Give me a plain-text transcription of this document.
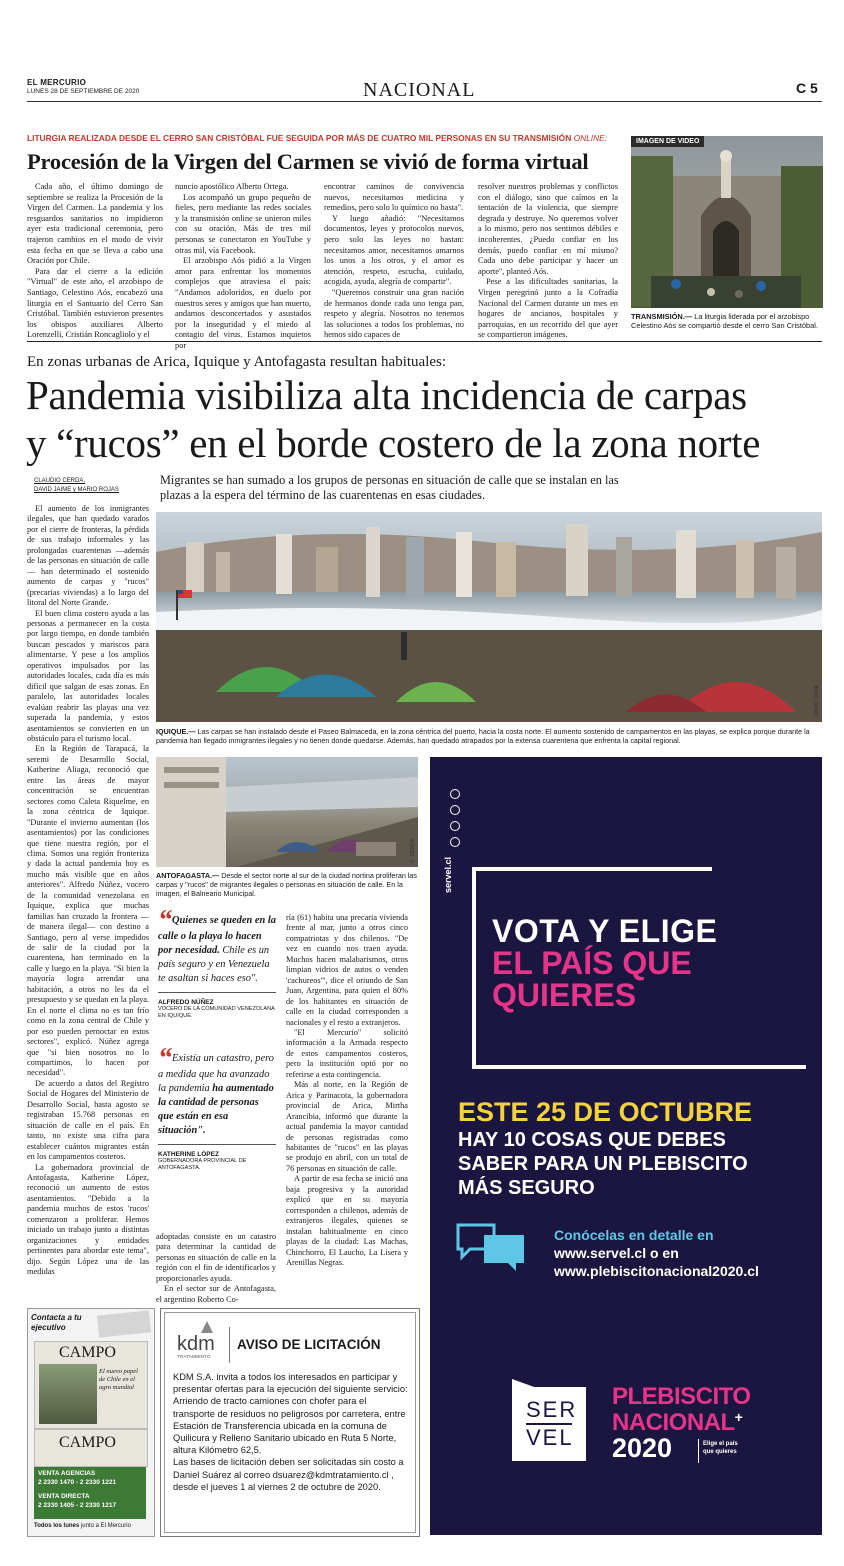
EL MERCURIO
LUNES 28 DE SEPTIEMBRE DE 2020	NACIONAL	C 5
LITURGIA REALIZADA DESDE EL CERRO SAN CRISTÓBAL FUE SEGUIDA POR MÁS DE CUATRO MIL PERSONAS EN SU TRANSMISIÓN ONLINE:
Procesión de la Virgen del Carmen se vivió de forma virtual

Cada año, el último domingo de septiembre se realiza la Procesión de la Virgen del Carmen. La pandemia y los resguardos sanitarios no impidieron ayer esta tradicional ceremonia, pero trajeron cambios en el modo de vivir esta fecha en que se lleva a cabo una Oración por Chile.

Para dar el cierre a la edición "Virtual" de este año, el arzobispo de Santiago, Celestino Aós, encabezó una liturgia en el Santuario del Cerro San Cristóbal. También estuvieron presentes los obispos auxiliares Alberto Lorenzelli, Cristián Roncagliolo y el

nuncio apostólico Alberto Ortega.

Los acompañó un grupo pequeño de fieles, pero mediante las redes sociales y la transmisión online se unieron miles con su oración. Más de tres mil personas se conectaron en YouTube y otras mil, vía Facebook.

El arzobispo Aós pidió a la Virgen amor para enfrentar los momentos complejos que atraviesa el país: "Andamos adoloridos, en duelo por nuestros seres y amigos que han muerto, andamos desconcertados y asustados por la inseguridad y el miedo al contagio del virus. Estamos inquietos por

encontrar caminos de convivencia nuevos, necesitamos medicina y remedios, pero solo lo químico no basta".

Y luego añadió: "Necesitamos documentos, leyes y protocolos nuevos, pero solo las leyes no bastan: necesitamos amor, necesitamos amarnos los unos a los otros, y el amor es atención, respeto, escucha, cuidado, acogida, ayuda, alegría de compartir".

"Queremos construir una gran nación de hermanos donde cada uno tenga pan, respeto y alegría. Nosotros no tenemos las soluciones a todos los problemas, no hemos sido capaces de

resolver nuestros problemas y conflictos con el diálogo, sino que caímos en la tentación de la violencia, que siempre degrada y destruye. No queremos volver a lo mismo, pero nos sentimos débiles e incoherentes. ¿Puedo confiar en los demás, puedo confiar en mí mismo? Cada uno debe participar y hacer un aporte", planteó Aós.

Pese a las dificultades sanitarias, la Virgen peregrinó junto a la Cofradía Nacional del Carmen durante un mes en hogares de ancianos, hospitales y parroquias, en un recorrido del que ayer se compartieron imágenes.

IMAGEN DE VIDEO
TRANSMISIÓN.— La liturgia liderada por el arzobispo Celestino Aós se compartió desde el cerro San Cristóbal.
En zonas urbanas de Arica, Iquique y Antofagasta resultan habituales:
Pandemia visibiliza alta incidencia de carpas
y “rucos” en el borde costero de la zona norte
CLAUDIO CERDA,
DAVID JAIME y MARIO ROJAS
Migrantes se han sumado a los grupos de personas en situación de calle que se instalan en las plazas a la espera del término de las cuarentenas en esas ciudades.

El aumento de los inmigrantes ilegales, que han quedado varados por el cierre de fronteras, la pérdida de sus trabajo informales y las prolongadas cuarentenas —además de las personas en situación de calle— han determinado el sostenido aumento de carpas y "rucos" (precarias viviendas) a lo largo del litoral del Norte Grande.

El buen clima costero ayuda a las personas a permanecer en la costa por largo tiempo, en donde también buscan pescados y mariscos para alimentarse. Y pese a los amplios operativos impulsados por las autoridades locales, cada día es más difícil que salgan de esas zonas. En paralelo, las autoridades locales evalúan reabrir las playas una vez superada la pandemia, y estos asentamientos se convierten en un obstáculo para el turismo local.

En la Región de Tarapacá, la seremi de Desarrollo Social, Katherine Aliaga, reconoció que entre las áreas de mayor concentración se encuentran sectores como Caleta Riquelme, en la zona céntrica de Iquique. "Durante el invierno aumentan (los asentamientos) por las condiciones que tiene nuestra región, por el clima. Somos una región fronteriza y dada la actual pandemia hoy es mucho más visible que en años anteriores". Alfredo Núñez, vocero de la comunidad venezolana en Iquique, explica que muchas familias han cruzado la frontera —de manera ilegal— con destino a Santiago, pero al verse impedidos de salir de la ciudad por la cuarentena, han terminado en la calle y luego en la playa. "Si bien la mayoría logra arrendar una habitación, a otros no les da el presupuesto y se quedan en la playa. En el norte el clima no es tan frío como en la zona central de Chile y por eso pueden pernoctar en estos sectores", explicó. Núñez agrega que "si bien nosotros no lo compartimos, lo hacen por necesidad".

De acuerdo a datos del Registro Social de Hogares del Ministerio de Desarrollo Social, hasta agosto se registraban 15.768 personas en situación de calle en el país. En tanto, no existe una cifra para establecer cuántos migrantes están en los campamentos costeros.

La gobernadora provincial de Antofagasta, Katherine López, reconoció un aumento de estos asentamientos. "Debido a la pandemia muchos de estos 'rucos' comenzaron a proliferar. Hemos iniciado un trabajo junto a distintas organizaciones y entidades pertinentes para abordar este tema", dijo. Según López una de las medidas

DAVID JAIME
IQUIQUE.— Las carpas se han instalado desde el Paseo Balmaceda, en la zona céntrica del puerto, hacia la costa norte. El aumento sostenido de campamentos en las playas, se explica porque durante la pandemia han llegado inmigrantes ilegales y no tienen donde quedarse. Además, han quedado atrapados por la extensa cuarentena que enfrenta la capital regional.
C. CERDA
ANTOFAGASTA.— Desde el sector norte al sur de la ciudad nortina proliferan las carpas y "rucos" de migrantes ilegales o personas en situación de calle. En la imagen, el Balneario Municipal.
“Quienes se queden en la calle o la playa lo hacen por necesidad. Chile es un país seguro y en Venezuela te asaltan si haces eso".
ALFREDO NÚÑEZ
VOCERO DE LA COMUNIDAD VENEZOLANA EN IQUIQUE.
“Existía un catastro, pero a medida que ha avanzado la pandemia ha aumentado la cantidad de personas que están en esa situación".
KATHERINE LÓPEZ
GOBERNADORA PROVINCIAL DE ANTOFAGASTA.

adoptadas consiste en un catastro para determinar la cantidad de personas en situación de calle en la región con el fin de identificarlos y proporcionarles ayuda.

En el sector sur de Antofagasta, el argentino Roberto Co-

ría (61) habita una precaria vivienda frente al mar, junto a otros cinco compatriotas y dos chilenos. "De vez en cuando nos traen ayuda. Muchos hacen malabarismos, otros limpian vidrios de autos o venden 'cachureos'", dice el oriundo de San Juan, Argentina, para quien el 80% de los habitantes en situación de calle en la ciudad corresponden a nacionales y el resto a extranjeros.

"El Mercurio" solicitó información a la Armada respecto de estos campamentos costeros, pero la institución optó por no referirse a esta contingencia.

Más al norte, en la Región de Arica y Parinacota, la gobernadora provincial de Arica, Mirtha Arancibia, informó que durante la actual pandemia la mayor cantidad de personas registradas como habitantes de "rucos" en las playas se produjo en abril, con un total de 76 personas en situación de calle.

A partir de esa fecha se inició una baja progresiva y la autoridad explicó que en su mayoría corresponden a chilenos, además de extranjeros ilegales, quienes se instalan habitualmente en cinco playas de la ciudad: Las Machas, Chinchorro, El Laucho, La Lisera y Arenillas Negras.

servel.cl
VOTA Y ELIGE
EL PAÍS QUE
QUIERES
ESTE 25 DE OCTUBRE
HAY 10 COSAS QUE DEBES
SABER PARA UN PLEBISCITO
MÁS SEGURO
Conócelas en detalle en
www.servel.cl o en
www.plebiscitonacional2020.cl
SER
VEL
PLEBISCITO
NACIONAL+
2020	Elige el país que quieres
Contacta a tu ejecutivo
CAMPO
El nuevo papel de Chile en el agro mundial
CAMPO
VENTA AGENCIAS
2 2330 1470 - 2 2330 1221
VENTA DIRECTA
2 2330 1405 - 2 2330 1217
Todos los lunes junto a El Mercurio
kdm
TRATAMIENTO
AVISO DE LICITACIÓN
KDM S.A. invita a todos los interesados en participar y presentar ofertas para la ejecución del siguiente servicio:
Arriendo de tracto camiones con chofer para el transporte de residuos no peligrosos por carretera, entre Estación de Transferencia ubicada en la comuna de Quilicura y Relleno Sanitario ubicado en Ruta 5 Norte, altura Kilómetro 62,5.
Las bases de licitación deben ser solicitadas sin costo a Daniel Suárez al correo dsuarez@kdmtratamiento.cl , desde el jueves 1 al viernes 2 de octubre de 2020.
